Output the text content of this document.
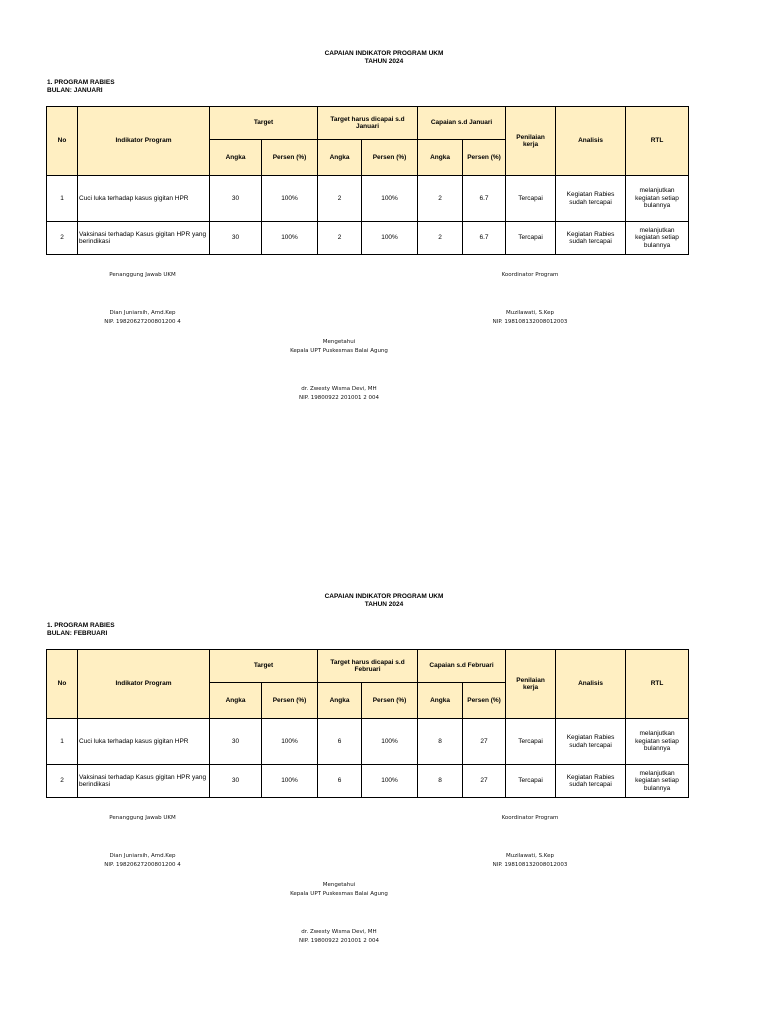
CAPAIAN INDIKATOR PROGRAM UKM
TAHUN 2024
1. PROGRAM RABIES
BULAN: JANUARI
No	Indikator Program	Target		Target harus dicapai s.d Januari		Capaian s.d Januari		Penilaian kerja	Analisis	RTL
		Angka	Persen (%)	Angka	Persen (%)	Angka	Persen (%)			
1	Cuci luka terhadap kasus gigitan HPR	30	100%	2	100%	2	6.7	Tercapai	Kegiatan Rabies sudah tercapai	melanjutkan kegiatan setiap bulannya
2	Vaksinasi terhadap Kasus gigitan HPR yang berindikasi	30	100%	2	100%	2	6.7	Tercapai	Kegiatan Rabies sudah tercapai	melanjutkan kegiatan setiap bulannya
Penanggung Jawab UKM
Dian Juniarsih, Amd.Kep
NIP. 19820627200801200 4
Koordinator Program
Muzilawati, S.Kep
NIP. 198108132008012003
Mengetahui
Kepala UPT Puskesmas Balai Agung
dr. Zwesty Wisma Devi, MH
NIP. 19800922 201001 2 004
CAPAIAN INDIKATOR PROGRAM UKM
TAHUN 2024
1. PROGRAM RABIES
BULAN: FEBRUARI
No	Indikator Program	Target		Target harus dicapai s.d Februari		Capaian s.d Februari		Penilaian kerja	Analisis	RTL
		Angka	Persen (%)	Angka	Persen (%)	Angka	Persen (%)			
1	Cuci luka terhadap kasus gigitan HPR	30	100%	6	100%	8	27	Tercapai	Kegiatan Rabies sudah tercapai	melanjutkan kegiatan setiap bulannya
2	Vaksinasi terhadap Kasus gigitan HPR yang berindikasi	30	100%	6	100%	8	27	Tercapai	Kegiatan Rabies sudah tercapai	melanjutkan kegiatan setiap bulannya
Penanggung Jawab UKM
Dian Juniarsih, Amd.Kep
NIP. 19820627200801200 4
Koordinator Program
Muzilawati, S.Kep
NIP. 198108132008012003
Mengetahui
Kepala UPT Puskesmas Balai Agung
dr. Zwesty Wisma Devi, MH
NIP. 19800922 201001 2 004
